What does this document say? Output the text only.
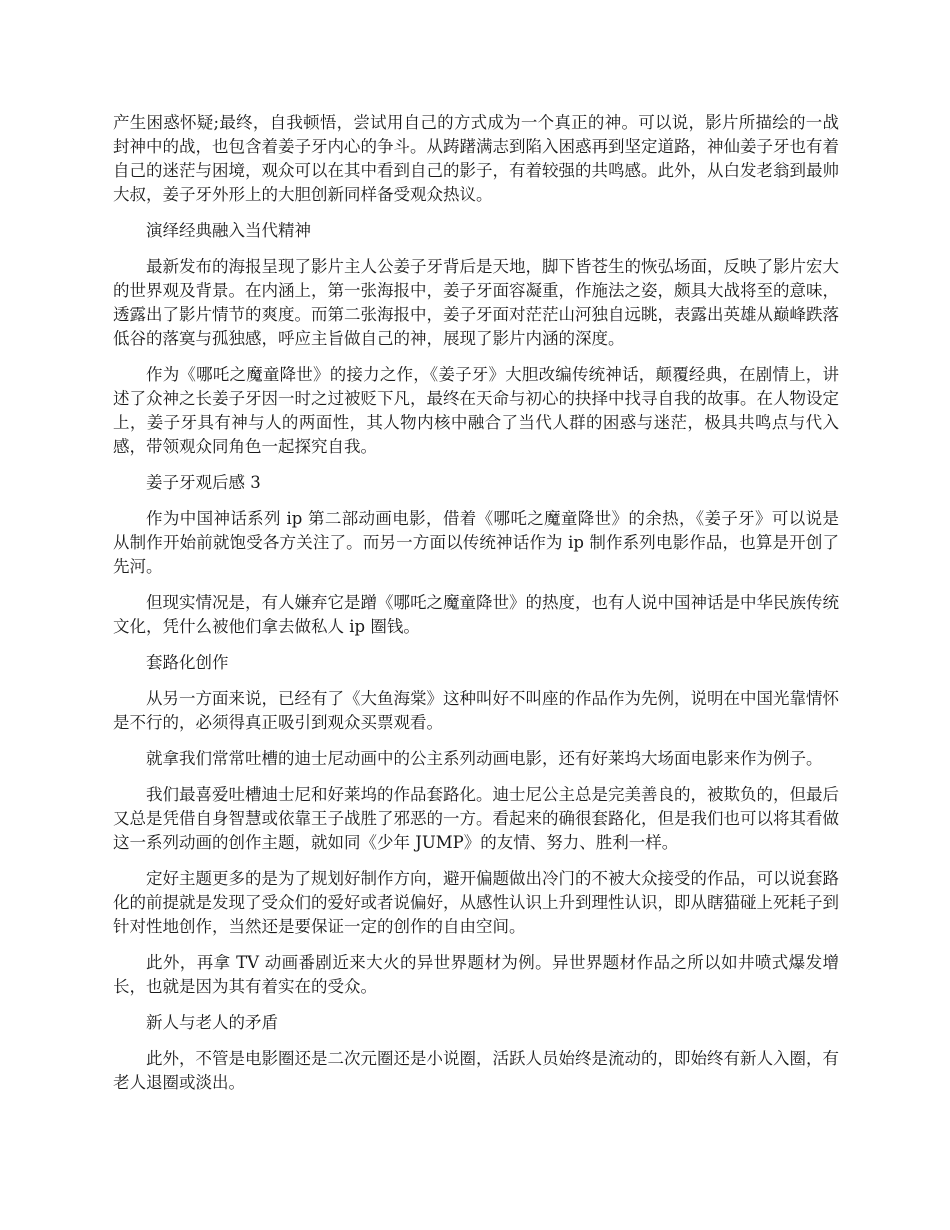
产生困惑怀疑;最终，自我顿悟，尝试用自己的方式成为一个真正的神。可以说，影片所描绘的一战封神中的战，也包含着姜子牙内心的争斗。从踌躇满志到陷入困惑再到坚定道路，神仙姜子牙也有着自己的迷茫与困境，观众可以在其中看到自己的影子，有着较强的共鸣感。此外，从白发老翁到最帅大叔，姜子牙外形上的大胆创新同样备受观众热议。

演绎经典融入当代精神

最新发布的海报呈现了影片主人公姜子牙背后是天地，脚下皆苍生的恢弘场面，反映了影片宏大的世界观及背景。在内涵上，第一张海报中，姜子牙面容凝重，作施法之姿，颇具大战将至的意味，透露出了影片情节的爽度。而第二张海报中，姜子牙面对茫茫山河独自远眺，表露出英雄从巅峰跌落低谷的落寞与孤独感，呼应主旨做自己的神，展现了影片内涵的深度。

作为《哪吒之魔童降世》的接力之作，《姜子牙》大胆改编传统神话，颠覆经典，在剧情上，讲述了众神之长姜子牙因一时之过被贬下凡，最终在天命与初心的抉择中找寻自我的故事。在人物设定上，姜子牙具有神与人的两面性，其人物内核中融合了当代人群的困惑与迷茫，极具共鸣点与代入感，带领观众同角色一起探究自我。

姜子牙观后感 3

作为中国神话系列 ip 第二部动画电影，借着《哪吒之魔童降世》的余热，《姜子牙》可以说是从制作开始前就饱受各方关注了。而另一方面以传统神话作为 ip 制作系列电影作品，也算是开创了先河。

但现实情况是，有人嫌弃它是蹭《哪吒之魔童降世》的热度，也有人说中国神话是中华民族传统文化，凭什么被他们拿去做私人 ip 圈钱。

套路化创作

从另一方面来说，已经有了《大鱼海棠》这种叫好不叫座的作品作为先例，说明在中国光靠情怀是不行的，必须得真正吸引到观众买票观看。

就拿我们常常吐槽的迪士尼动画中的公主系列动画电影，还有好莱坞大场面电影来作为例子。

我们最喜爱吐槽迪士尼和好莱坞的作品套路化。迪士尼公主总是完美善良的，被欺负的，但最后又总是凭借自身智慧或依靠王子战胜了邪恶的一方。看起来的确很套路化，但是我们也可以将其看做这一系列动画的创作主题，就如同《少年 JUMP》的友情、努力、胜利一样。

定好主题更多的是为了规划好制作方向，避开偏题做出冷门的不被大众接受的作品，可以说套路化的前提就是发现了受众们的爱好或者说偏好，从感性认识上升到理性认识，即从瞎猫碰上死耗子到针对性地创作，当然还是要保证一定的创作的自由空间。

此外，再拿 TV 动画番剧近来大火的异世界题材为例。异世界题材作品之所以如井喷式爆发增长，也就是因为其有着实在的受众。

新人与老人的矛盾

此外，不管是电影圈还是二次元圈还是小说圈，活跃人员始终是流动的，即始终有新人入圈，有老人退圈或淡出。
